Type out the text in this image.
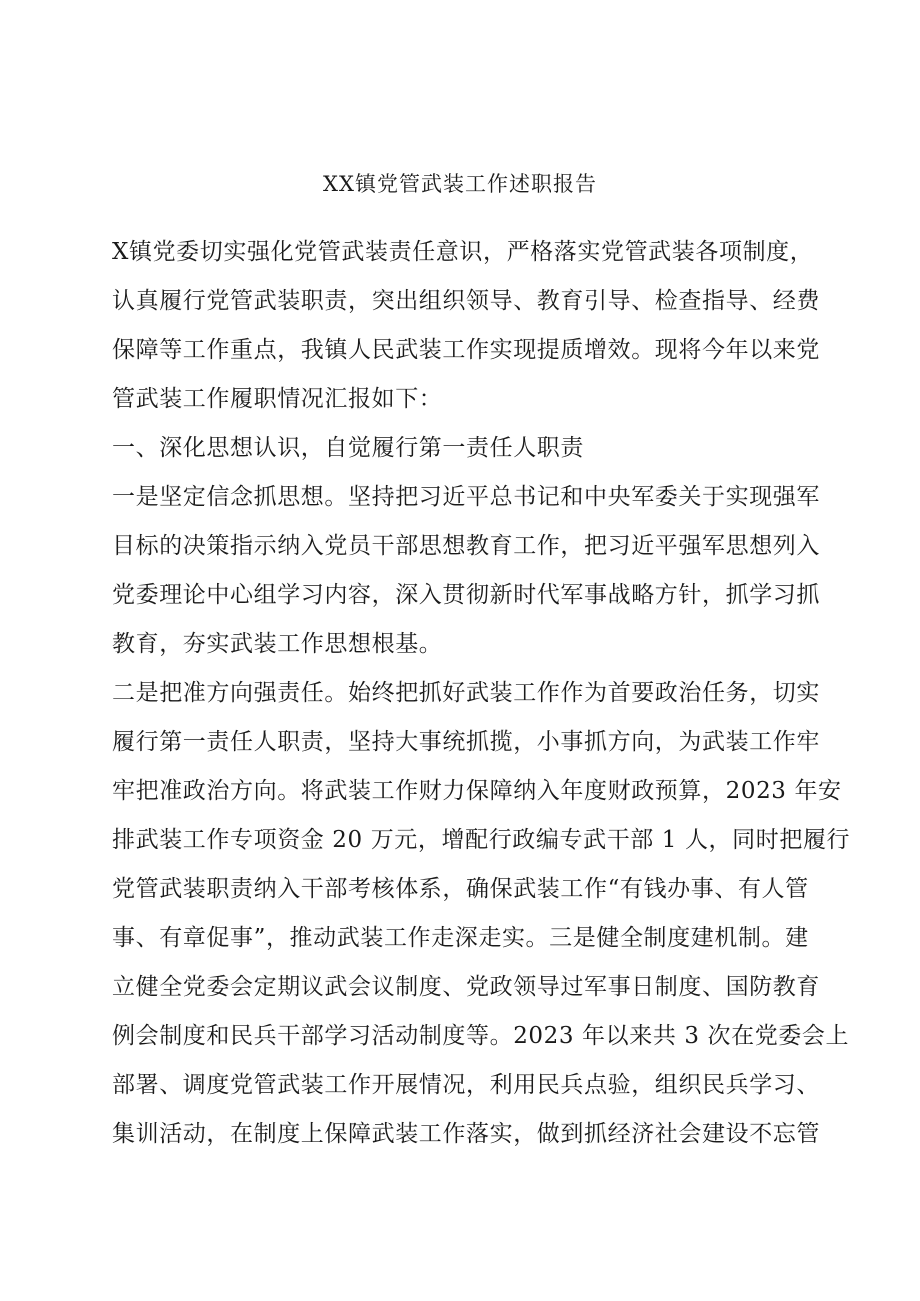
XX镇党管武装工作述职报告
X镇党委切实强化党管武装责任意识，严格落实党管武装各项制度，
认真履行党管武装职责，突出组织领导、教育引导、检查指导、经费
保障等工作重点，我镇人民武装工作实现提质增效。现将今年以来党
管武装工作履职情况汇报如下：
一、深化思想认识，自觉履行第一责任人职责
一是坚定信念抓思想。坚持把习近平总书记和中央军委关于实现强军
目标的决策指示纳入党员干部思想教育工作，把习近平强军思想列入
党委理论中心组学习内容，深入贯彻新时代军事战略方针，抓学习抓
教育，夯实武装工作思想根基。
二是把准方向强责任。始终把抓好武装工作作为首要政治任务，切实
履行第一责任人职责，坚持大事统抓揽，小事抓方向，为武装工作牢
牢把准政治方向。将武装工作财力保障纳入年度财政预算，2023 年安
排武装工作专项资金 20 万元，增配行政编专武干部 1 人，同时把履行
党管武装职责纳入干部考核体系，确保武装工作“有钱办事、有人管
事、有章促事”，推动武装工作走深走实。三是健全制度建机制。建
立健全党委会定期议武会议制度、党政领导过军事日制度、国防教育
例会制度和民兵干部学习活动制度等。2023 年以来共 3 次在党委会上
部署、调度党管武装工作开展情况，利用民兵点验，组织民兵学习、
集训活动，在制度上保障武装工作落实，做到抓经济社会建设不忘管
